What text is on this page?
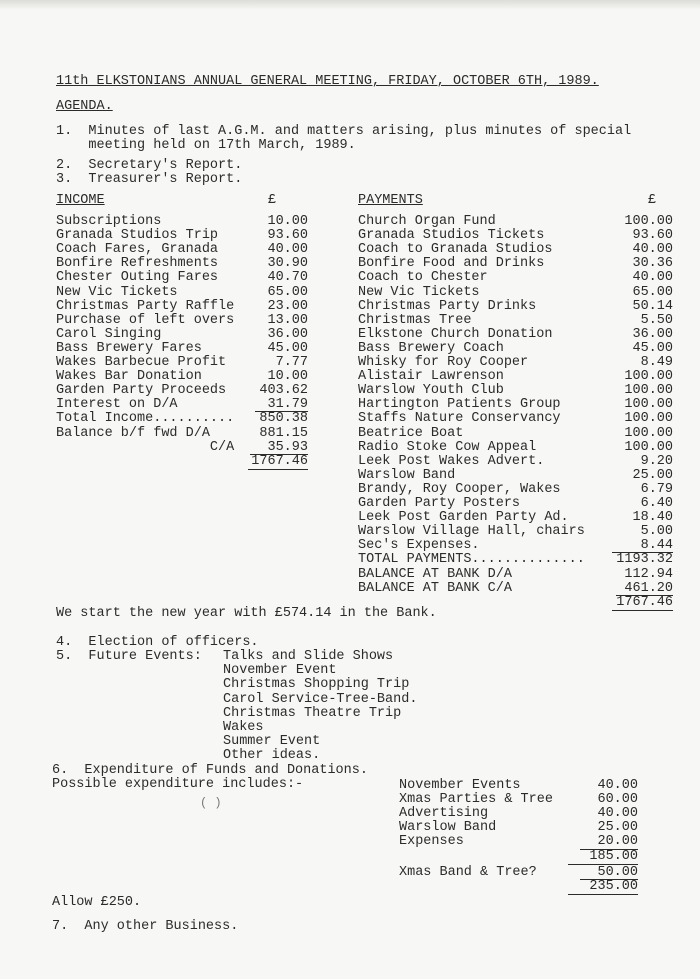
11th ELKSTONIANS ANNUAL GENERAL MEETING, FRIDAY, OCTOBER 6TH, 1989.
AGENDA.
1.  Minutes of last A.G.M. and matters arising, plus minutes of special
meeting held on 17th March, 1989.
2.  Secretary's Report.
3.  Treasurer's Report.
INCOME	£
Subscriptions	10.00
Granada Studios Trip	93.60
Coach Fares, Granada	40.00
Bonfire Refreshments	30.90
Chester Outing Fares	40.70
New Vic Tickets	65.00
Christmas Party Raffle	23.00
Purchase of left overs	13.00
Carol Singing	36.00
Bass Brewery Fares	45.00
Wakes Barbecue Profit	7.77
Wakes Bar Donation	10.00
Garden Party Proceeds	403.62
Interest on D/A	31.79
Total Income..........	850.38
Balance b/f fwd D/A	881.15
C/A	35.93
1767.46
PAYMENTS	£
Church Organ Fund	100.00
Granada Studios Tickets	93.60
Coach to Granada Studios	40.00
Bonfire Food and Drinks	30.36
Coach to Chester	40.00
New Vic Tickets	65.00
Christmas Party Drinks	50.14
Christmas Tree	5.50
Elkstone Church Donation	36.00
Bass Brewery Coach	45.00
Whisky for Roy Cooper	8.49
Alistair Lawrenson	100.00
Warslow Youth Club	100.00
Hartington Patients Group	100.00
Staffs Nature Conservancy	100.00
Beatrice Boat	100.00
Radio Stoke Cow Appeal	100.00
Leek Post Wakes Advert.	9.20
Warslow Band	25.00
Brandy, Roy Cooper, Wakes	6.79
Garden Party Posters	6.40
Leek Post Garden Party Ad.	18.40
Warslow Village Hall, chairs	5.00
Sec's Expenses.	8.44
TOTAL PAYMENTS..............	1193.32
BALANCE AT BANK D/A	112.94
BALANCE AT BANK C/A	461.20
1767.46
We start the new year with £574.14 in the Bank.
4.  Election of officers.
5.  Future Events: Talks and Slide Shows
November Event
Christmas Shopping Trip
Carol Service-Tree-Band.
Christmas Theatre Trip
Wakes
Summer Event
Other ideas.
6.  Expenditure of Funds and Donations.
Possible expenditure includes:-
( )
November Events	40.00
Xmas Parties & Tree	60.00
Advertising	40.00
Warslow Band	25.00
Expenses	20.00
185.00
Xmas Band & Tree?	50.00
235.00
Allow £250.
7.  Any other Business.
